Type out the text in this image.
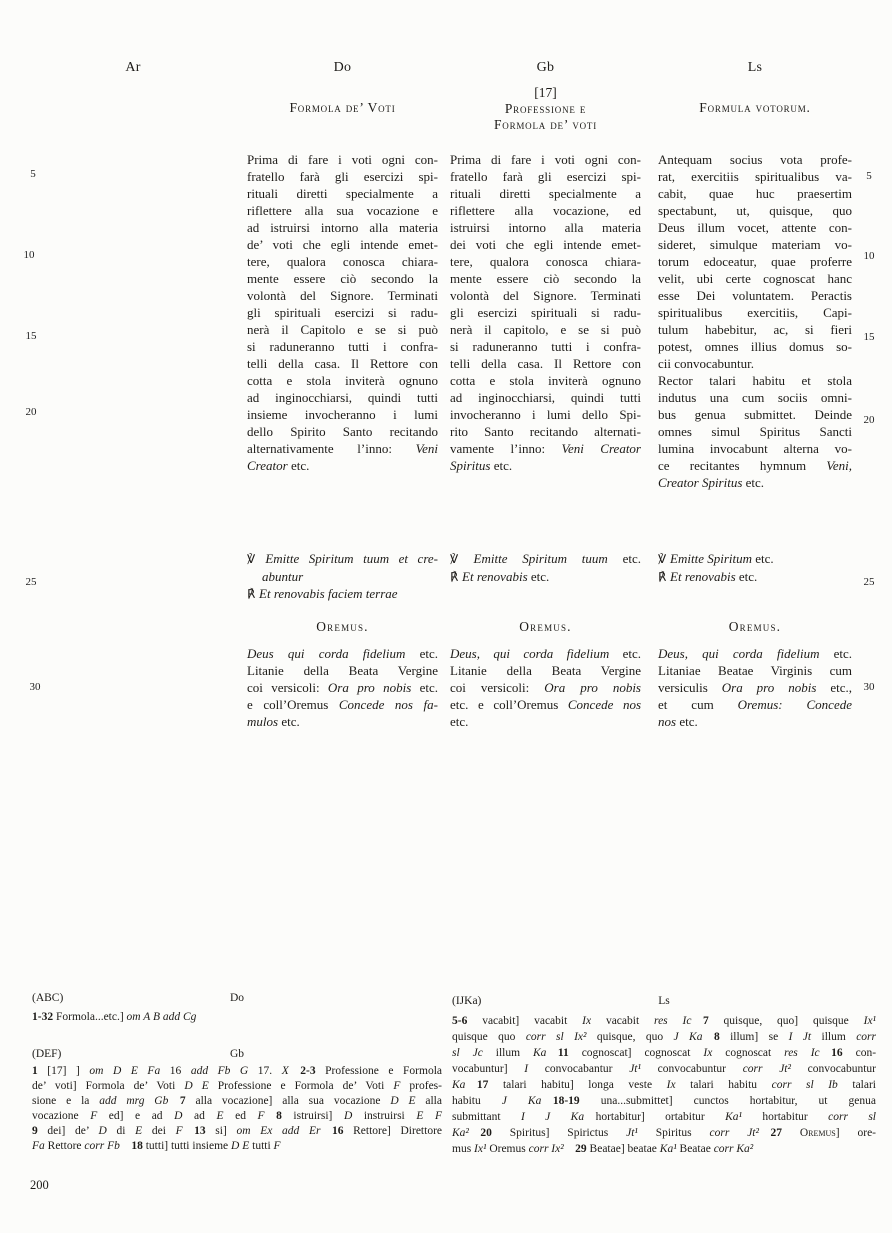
Ar	Do	Gb	Ls
5
10
15
20
25
30
5
10
15
20
25
30
Formola de’ Voti
[17]
Professione e
Formola de’ voti
Formula votorum.
Prima di fare i voti ogni con-
fratello farà gli esercizi spi-
rituali diretti specialmente a
riflettere alla sua vocazione e
ad istruirsi intorno alla materia
de’ voti che egli intende emet-
tere, qualora conosca chiara-
mente essere ciò secondo la
volontà del Signore. Terminati
gli spirituali esercizi si radu-
nerà il Capitolo e se si può
si raduneranno tutti i confra-
telli della casa. Il Rettore con
cotta e stola inviterà ognuno
ad inginocchiarsi, quindi tutti
insieme invocheranno i lumi
dello Spirito Santo recitando
alternativamente l’inno: Veni
Creator etc.
Prima di fare i voti ogni con-
fratello farà gli esercizi spi-
rituali diretti specialmente a
riflettere alla vocazione, ed
istruirsi intorno alla materia
dei voti che egli intende emet-
tere, qualora conosca chiara-
mente essere ciò secondo la
volontà del Signore. Terminati
gli esercizi spirituali si radu-
nerà il capitolo, e se si può
si raduneranno tutti i confra-
telli della casa. Il Rettore con
cotta e stola inviterà ognuno
ad inginocchiarsi, quindi tutti
invocheranno i lumi dello Spi-
rito Santo recitando alternati-
vamente l’inno: Veni Creator
Spiritus etc.
Antequam socius vota profe-
rat, exercitiis spiritualibus va-
cabit, quae huc praesertim
spectabunt, ut, quisque, quo
Deus illum vocet, attente con-
sideret, simulque materiam vo-
torum edoceatur, quae proferre
velit, ubi certe cognoscat hanc
esse Dei voluntatem. Peractis
spiritualibus exercitiis, Capi-
tulum habebitur, ac, si fieri
potest, omnes illius domus so-
cii convocabuntur.
Rector talari habitu et stola
indutus una cum sociis omni-
bus genua submittet. Deinde
omnes simul Spiritus Sancti
lumina invocabunt alterna vo-
ce recitantes hymnum Veni,
Creator Spiritus etc.
℣ Emitte Spiritum tuum et cre-
abuntur
℟ Et renovabis faciem terrae
℣ Emitte Spiritum tuum etc.
℟ Et renovabis etc.
℣ Emitte Spiritum etc.
℟ Et renovabis etc.
Oremus.	Oremus.	Oremus.
Deus qui corda fidelium etc.
Litanie della Beata Vergine
coi versicoli: Ora pro nobis etc.
e coll’Oremus Concede nos fa-
mulos etc.
Deus, qui corda fidelium etc.
Litanie della Beata Vergine
coi versicoli: Ora pro nobis
etc. e coll’Oremus Concede nos
etc.
Deus, qui corda fidelium etc.
Litaniae Beatae Virginis cum
versiculis Ora pro nobis etc.,
et cum Oremus: Concede
nos etc.
(ABC)	Do
1-32 Formola...etc.] om A B add Cg
(DEF)	Gb
1 [17] ] om D E Fa 16 add Fb G 17. X  2-3 Professione e Formola
de’ voti] Formola de’ Voti D E Professione e Formola de’ Voti F profes-
sione e la add mrg Gb  7 alla vocazione] alla sua vocazione D E alla
vocazione F  ed] e ad D ad E ed F  8 istruirsi] D instruirsi E F
9 dei] de’ D di E dei F  13 si] om Ex add Er  16 Rettore] Direttore
Fa Rettore corr Fb  18 tutti] tutti insieme D E tutti F
(IJKa)	Ls
5-6 vacabit] vacabit Ix vacabit res Ic  7 quisque, quo] quisque Ix¹
quisque quo corr sl Ix² quisque, quo J Ka  8 illum] se I Jt illum corr
sl Jc illum Ka  11 cognoscat] cognoscat Ix cognoscat res Ic  16 con-
vocabuntur] I convocabantur Jt¹ convocabuntur corr Jt² convocabuntur
Ka  17 talari habitu] longa veste Ix talari habitu corr sl Ib talari
habitu J Ka  18-19 una...submittet] cunctos hortabitur, ut genua
submittant I J Ka  hortabitur] ortabitur Ka¹ hortabitur corr sl
Ka²  20 Spiritus] Spirictus Jt¹ Spiritus corr Jt²  27 Oremus] ore-
mus Ix¹ Oremus corr Ix²  29 Beatae] beatae Ka¹ Beatae corr Ka²
200
